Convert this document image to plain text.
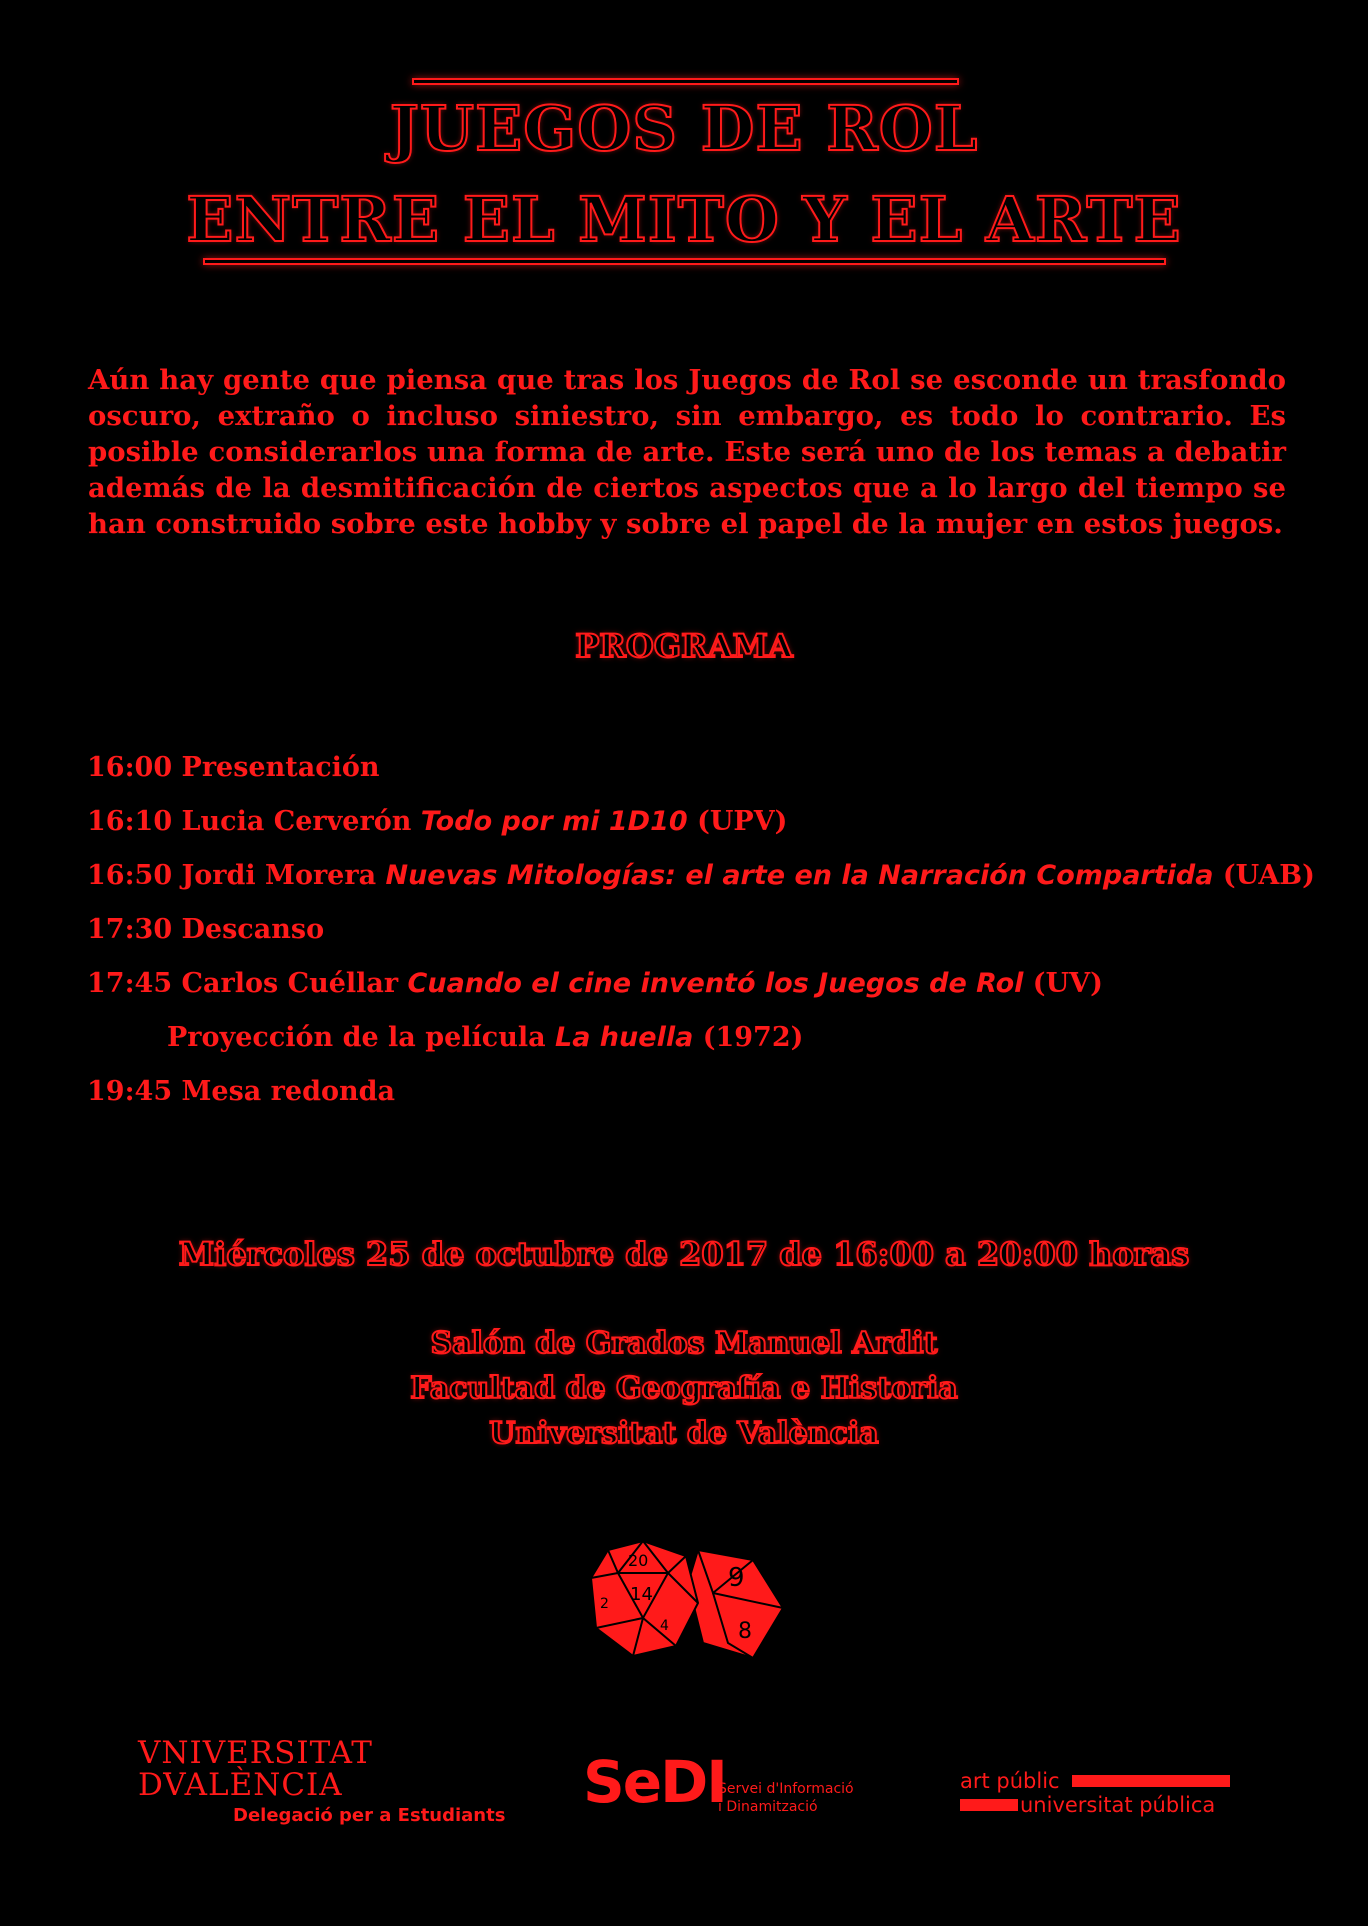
JUEGOS DE ROL
ENTRE EL MITO Y EL ARTE
Aún hay gente que piensa que tras los Juegos de Rol se esconde un trasfondo oscuro, extraño o incluso siniestro, sin embargo, es todo lo contrario. Es posible considerarlos una forma de arte. Este será uno de los temas a debatir además de la desmitificación de ciertos aspectos que a lo largo del tiempo se han construido sobre este hobby y sobre el papel de la mujer en estos juegos.
PROGRAMA
16:00 Presentación
16:10 Lucia Cerverón Todo por mi 1D10 (UPV)
16:50 Jordi Morera Nuevas Mitologías: el arte en la Narración Compartida (UAB)
17:30 Descanso
17:45 Carlos Cuéllar Cuando el cine inventó los Juegos de Rol (UV)
Proyección de la película La huella (1972)
19:45 Mesa redonda
Miércoles 25 de octubre de 2017 de 16:00 a 20:00 horas
Salón de Grados Manuel Ardit
Facultad de Geografía e Historia
Universitat de València
9
8
20
14
2
4
VNIVERSITAT
DVALÈNCIA
Delegació per a Estudiants SeDI
Servei d'Informació
i Dinamització
art públic
universitat pública
